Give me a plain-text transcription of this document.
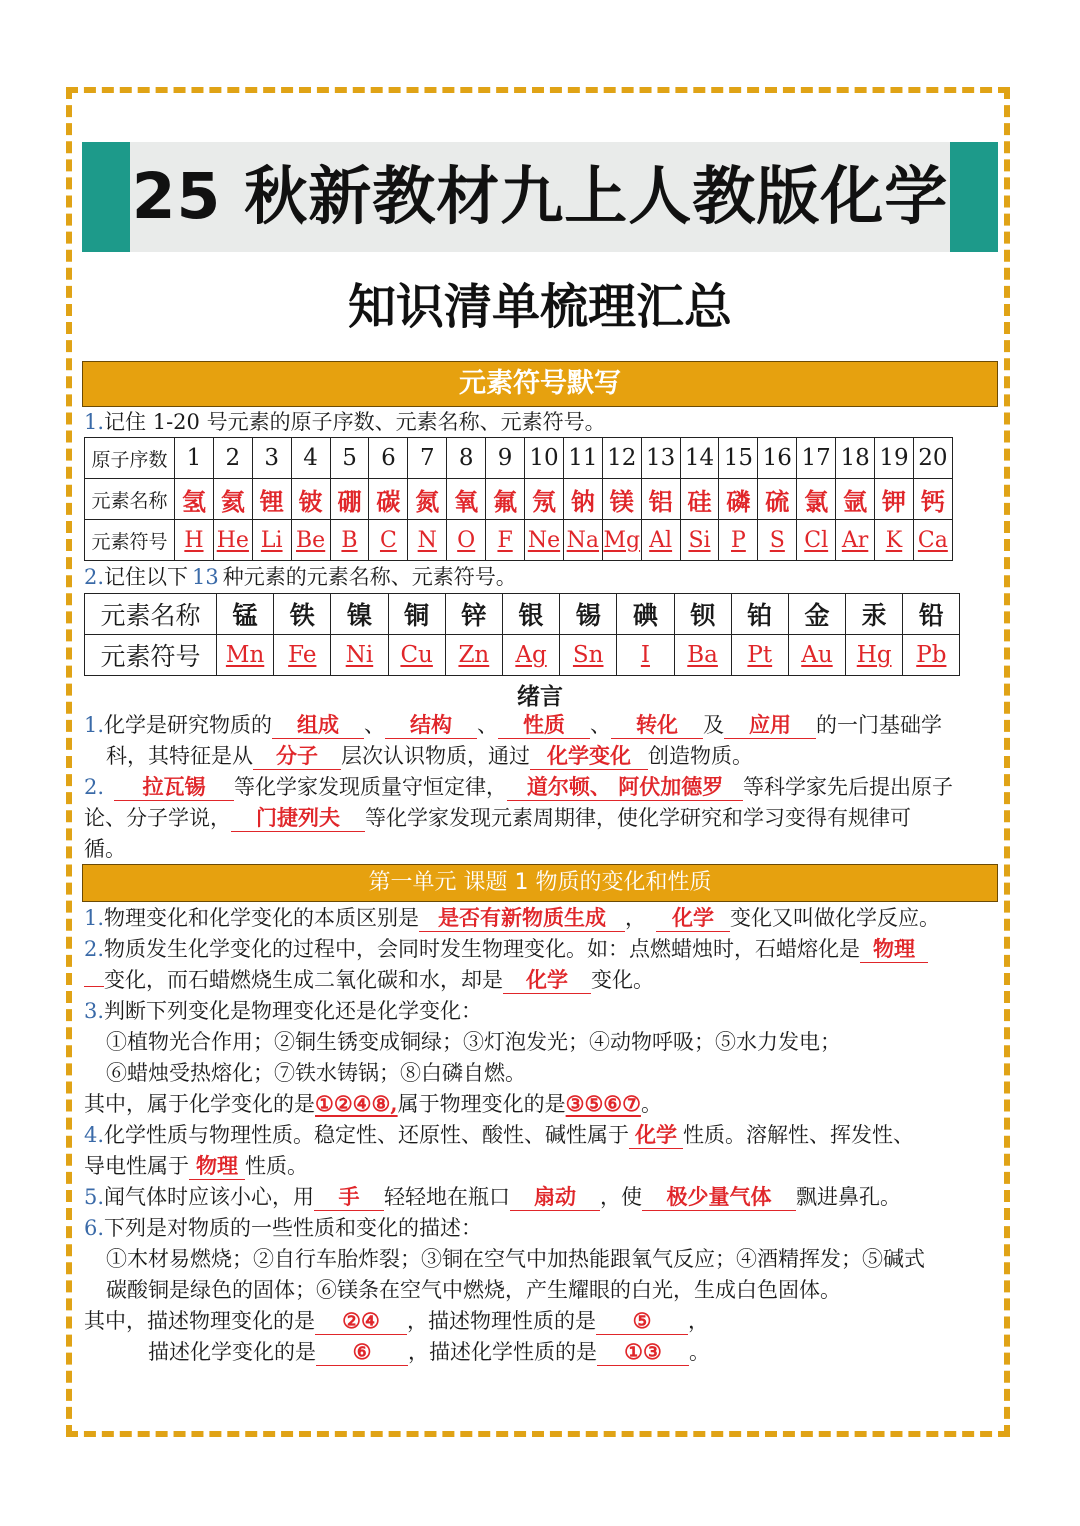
25 秋新教材九上人教版化学
知识清单梳理汇总
元素符号默写
1.记住 1-20 号元素的原子序数、元素名称、元素符号。
原子序数	1	2	3	4	5	6	7	8	9	10	11	12	13	14	15	16	17	18	19	20
元素名称	氢	氦	锂	铍	硼	碳	氮	氧	氟	氖	钠	镁	铝	硅	磷	硫	氯	氩	钾	钙
元素符号	H	He	Li	Be	B	C	N	O	F	Ne	Na	Mg	Al	Si	P	S	Cl	Ar	K	Ca
2.记住以下 13 种元素的元素名称、元素符号。
元素名称	锰	铁	镍	铜	锌	银	锡	碘	钡	铂	金	汞	铅
元素符号	Mn	Fe	Ni	Cu	Zn	Ag	Sn	I	Ba	Pt	Au	Hg	Pb
绪言
1.化学是研究物质的 组成 、 结构 、 性质 、 转化 及 应用 的一门基础学
科，其特征是从 分子 层次认识物质，通过 化学变化 创造物质。
2. 拉瓦锡 等化学家发现质量守恒定律， 道尔顿、 阿伏加德罗 等科学家先后提出原子
论、分子学说， 门捷列夫 等化学家发现元素周期律，使化学研究和学习变得有规律可
循。
第一单元 课题 1 物质的变化和性质
1.物理变化和化学变化的本质区别是 是否有新物质生成 ， 化学 变化又叫做化学反应。
2.物质发生化学变化的过程中，会同时发生物理变化。如：点燃蜡烛时，石蜡熔化是 物理
变化，而石蜡燃烧生成二氧化碳和水，却是 化学 变化。
3.判断下列变化是物理变化还是化学变化：
①植物光合作用；②铜生锈变成铜绿；③灯泡发光；④动物呼吸；⑤水力发电；
⑥蜡烛受热熔化；⑦铁水铸锅；⑧白磷自燃。
其中，属于化学变化的是①②④⑧,属于物理变化的是③⑤⑥⑦。
4.化学性质与物理性质。稳定性、还原性、酸性、碱性属于 化学 性质。溶解性、挥发性、
导电性属于 物理 性质。
5.闻气体时应该小心，用 手 轻轻地在瓶口 扇动 ，使 极少量气体 飘进鼻孔。
6.下列是对物质的一些性质和变化的描述：
①木材易燃烧；②自行车胎炸裂；③铜在空气中加热能跟氧气反应；④酒精挥发；⑤碱式
碳酸铜是绿色的固体；⑥镁条在空气中燃烧，产生耀眼的白光，生成白色固体。
其中，描述物理变化的是 ②④ ，描述物理性质的是 ⑤ ，
描述化学变化的是 ⑥ ，描述化学性质的是 ①③ 。
